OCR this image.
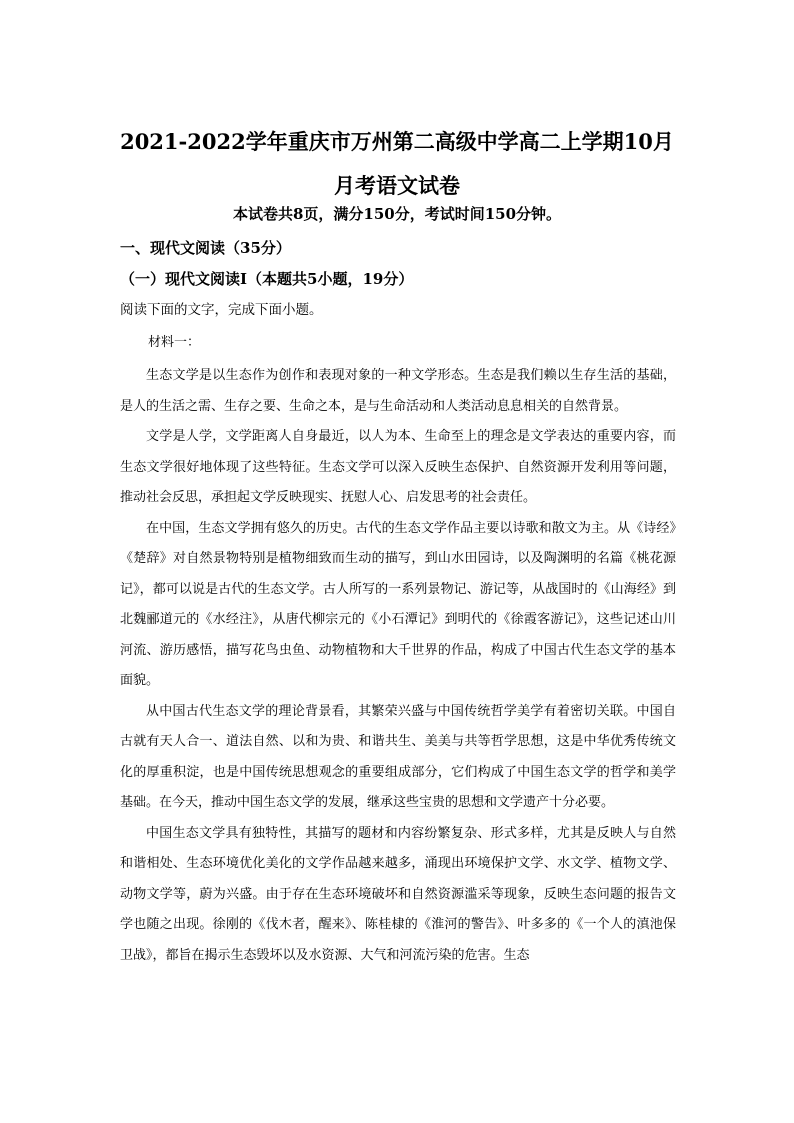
2021-2022学年重庆市万州第二高级中学高二上学期10月
月考语文试卷
本试卷共8页，满分150分，考试时间150分钟。
一、现代文阅读（35分）
（一）现代文阅读Ⅰ（本题共5小题，19分）
阅读下面的文字，完成下面小题。
材料一：

生态文学是以生态作为创作和表现对象的一种文学形态。生态是我们赖以生存生活的基础，是人的生活之需、生存之要、生命之本，是与生命活动和人类活动息息相关的自然背景。

文学是人学，文学距离人自身最近，以人为本、生命至上的理念是文学表达的重要内容，而生态文学很好地体现了这些特征。生态文学可以深入反映生态保护、自然资源开发利用等问题，推动社会反思，承担起文学反映现实、抚慰人心、启发思考的社会责任。

在中国，生态文学拥有悠久的历史。古代的生态文学作品主要以诗歌和散文为主。从《诗经》《楚辞》对自然景物特别是植物细致而生动的描写，到山水田园诗，以及陶渊明的名篇《桃花源记》，都可以说是古代的生态文学。古人所写的一系列景物记、游记等，从战国时的《山海经》到北魏郦道元的《水经注》，从唐代柳宗元的《小石潭记》到明代的《徐霞客游记》，这些记述山川河流、游历感悟，描写花鸟虫鱼、动物植物和大千世界的作品，构成了中国古代生态文学的基本面貌。

从中国古代生态文学的理论背景看，其繁荣兴盛与中国传统哲学美学有着密切关联。中国自古就有天人合一、道法自然、以和为贵、和谐共生、美美与共等哲学思想，这是中华优秀传统文化的厚重积淀，也是中国传统思想观念的重要组成部分，它们构成了中国生态文学的哲学和美学基础。在今天，推动中国生态文学的发展，继承这些宝贵的思想和文学遗产十分必要。

中国生态文学具有独特性，其描写的题材和内容纷繁复杂、形式多样，尤其是反映人与自然和谐相处、生态环境优化美化的文学作品越来越多，涌现出环境保护文学、水文学、植物文学、动物文学等，蔚为兴盛。由于存在生态环境破坏和自然资源滥采等现象，反映生态问题的报告文学也随之出现。徐刚的《伐木者，醒来》、陈桂棣的《淮河的警告》、叶多多的《一个人的滇池保卫战》，都旨在揭示生态毁坏以及水资源、大气和河流污染的危害。生态
